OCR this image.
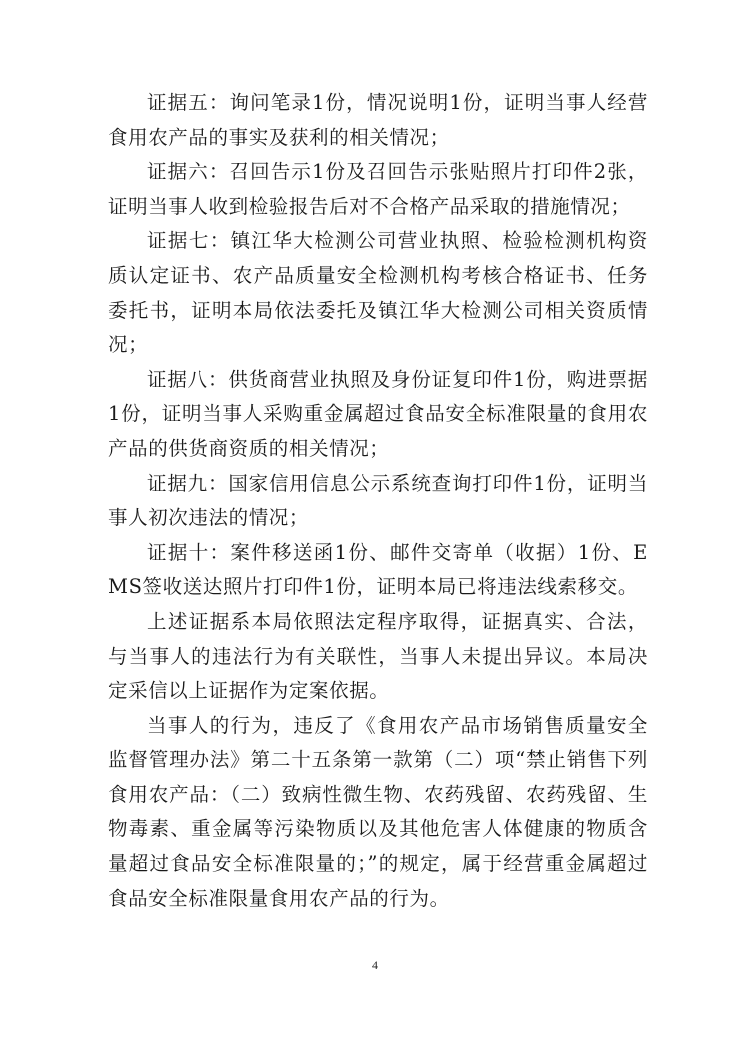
证据五：询问笔录1份，情况说明1份，证明当事人经营食用农产品的事实及获利的相关情况；

证据六：召回告示1份及召回告示张贴照片打印件2张，证明当事人收到检验报告后对不合格产品采取的措施情况；

证据七：镇江华大检测公司营业执照、检验检测机构资质认定证书、农产品质量安全检测机构考核合格证书、任务委托书，证明本局依法委托及镇江华大检测公司相关资质情况；

证据八：供货商营业执照及身份证复印件1份，购进票据1份，证明当事人采购重金属超过食品安全标准限量的食用农产品的供货商资质的相关情况；

证据九：国家信用信息公示系统查询打印件1份，证明当事人初次违法的情况；

证据十：案件移送函1份、邮件交寄单（收据）1份、EMS签收送达照片打印件1份，证明本局已将违法线索移交。

上述证据系本局依照法定程序取得，证据真实、合法，与当事人的违法行为有关联性，当事人未提出异议。本局决定采信以上证据作为定案依据。

当事人的行为，违反了《食用农产品市场销售质量安全监督管理办法》第二十五条第一款第（二）项“禁止销售下列食用农产品：（二）致病性微生物、农药残留、农药残留、生物毒素、重金属等污染物质以及其他危害人体健康的物质含量超过食品安全标准限量的；”的规定，属于经营重金属超过食品安全标准限量食用农产品的行为。

4
